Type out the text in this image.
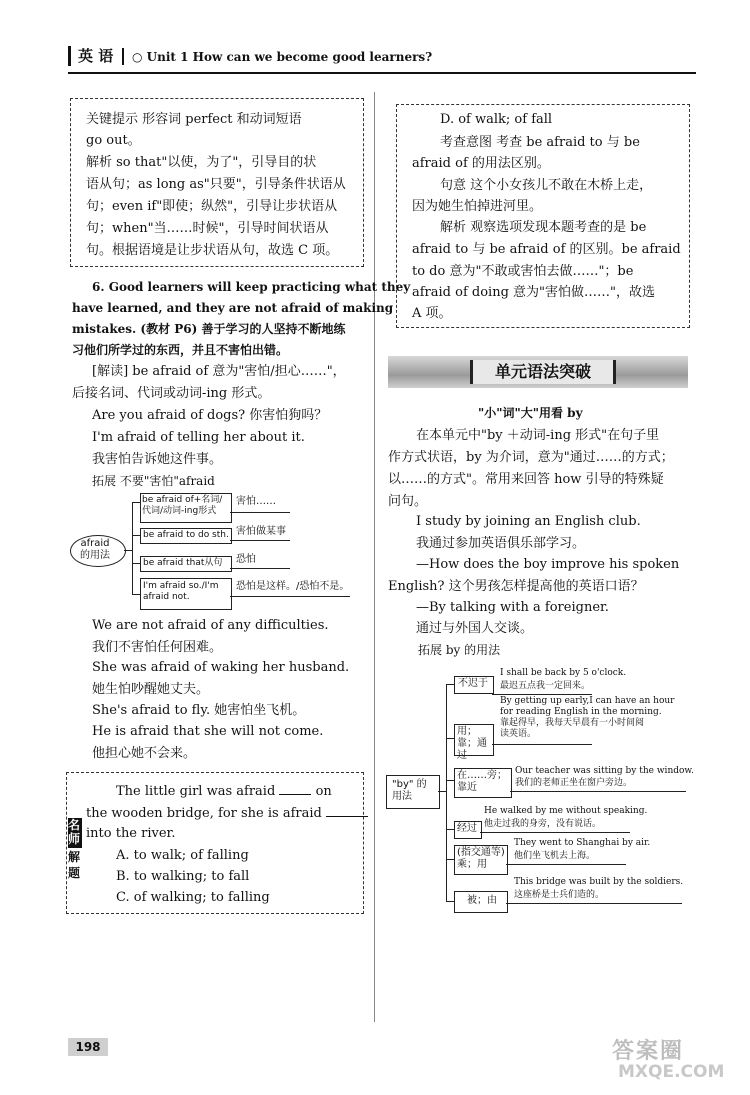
英 语 ○ Unit 1 How can we become good learners?
关键提示 形容词 perfect 和动词短语
go out。
解析 so that"以使，为了"，引导目的状
语从句；as long as"只要"，引导条件状语从
句；even if"即使；纵然"，引导让步状语从
句；when"当……时候"，引导时间状语从
句。根据语境是让步状语从句，故选 C 项。
6. Good learners will keep practicing what they
have learned, and they are not afraid of making
mistakes. (教材 P6) 善于学习的人坚持不断地练
习他们所学过的东西，并且不害怕出错。
[解读] be afraid of 意为"害怕/担心……"，
后接名词、代词或动词-ing 形式。
Are you afraid of dogs? 你害怕狗吗？
I'm afraid of telling her about it.
我害怕告诉她这件事。
拓展 不要"害怕"afraid
afraid
的用法
be afraid of+名词/代词/动词-ing形式
害怕……
be afraid to do sth. 害怕做某事
be afraid that从句 恐怕
I'm afraid so./I'm afraid not.
恐怕是这样。/恐怕不是。
We are not afraid of any difficulties.
我们不害怕任何困难。
She was afraid of waking her husband.
她生怕吵醒她丈夫。
She's afraid to fly. 她害怕坐飞机。
He is afraid that she will not come.
他担心她不会来。
名
师
解
题
The little girl was afraid	on
the wooden bridge, for she is afraid
into the river.
A. to walk; of falling
B. to walking; to fall
C. of walking; to falling
D. of walk; of fall
考查意图 考查 be afraid to 与 be
afraid of 的用法区别。
句意 这个小女孩儿不敢在木桥上走，
因为她生怕掉进河里。
解析 观察选项发现本题考查的是 be
afraid to 与 be afraid of 的区别。be afraid
to do 意为"不敢或害怕去做……"；be
afraid of doing 意为"害怕做……"，故选
A 项。
单元语法突破
"小"词"大"用看 by
在本单元中"by ＋动词-ing 形式"在句子里
作方式状语，by 为介词，意为"通过……的方式；
以……的方式"。常用来回答 how 引导的特殊疑
问句。
I study by joining an English club.
我通过参加英语俱乐部学习。
—How does the boy improve his spoken
English? 这个男孩怎样提高他的英语口语？
—By talking with a foreigner.
通过与外国人交谈。
拓展 by 的用法
"by" 的
用法
不迟于
I shall be back by 5 o'clock.
最迟五点我一定回来。
用；靠；通过
By getting up early,I can have an hour for reading English in the morning.
靠起得早，我每天早晨有一小时间阅读英语。
在……旁；靠近
Our teacher was sitting by the window.
我们的老师正坐在窗户旁边。
经过
He walked by me without speaking.
他走过我的身旁，没有说话。
(指交通等)乘；用
They went to Shanghai by air.
他们坐飞机去上海。
被；由
This bridge was built by the soldiers.
这座桥是士兵们造的。
198	答案圈
MXQE.COM
